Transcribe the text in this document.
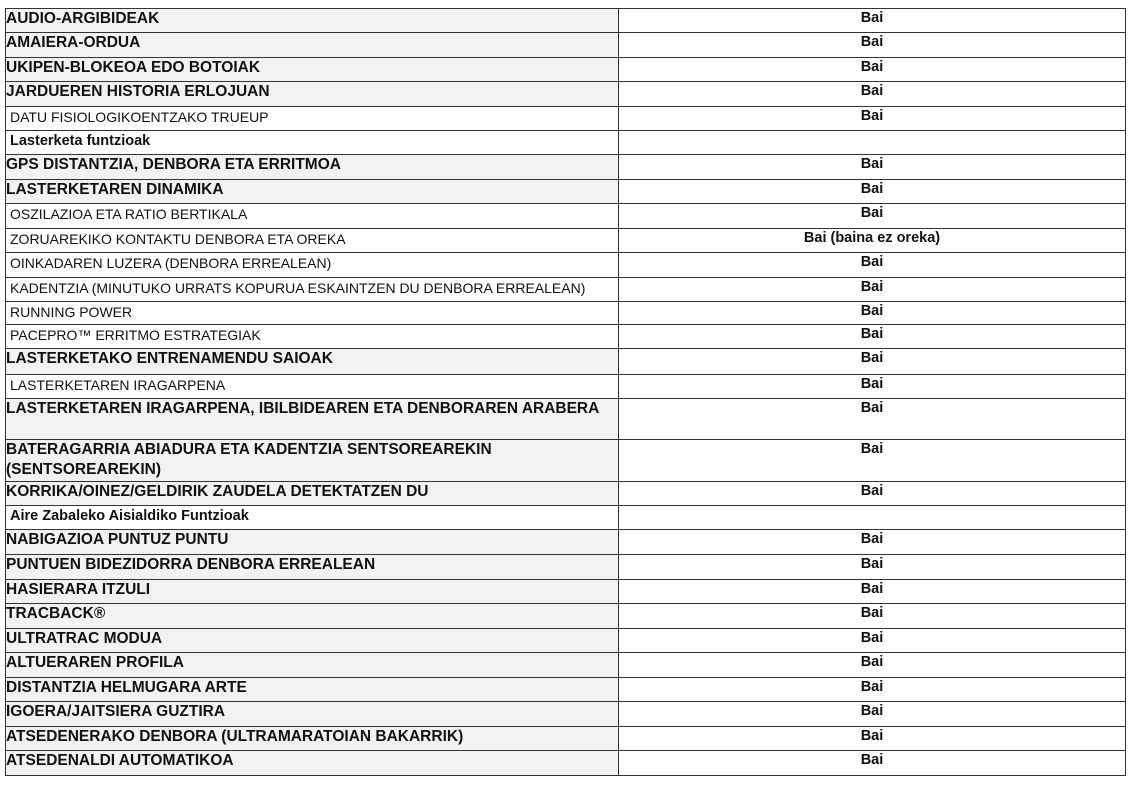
AUDIO-ARGIBIDEAK	Bai
AMAIERA-ORDUA	Bai
UKIPEN-BLOKEOA EDO BOTOIAK	Bai
JARDUEREN HISTORIA ERLOJUAN	Bai
DATU FISIOLOGIKOENTZAKO TRUEUP	Bai
Lasterketa funtzioak	
GPS DISTANTZIA, DENBORA ETA ERRITMOA	Bai
LASTERKETAREN DINAMIKA	Bai
OSZILAZIOA ETA RATIO BERTIKALA	Bai
ZORUAREKIKO KONTAKTU DENBORA ETA OREKA	Bai (baina ez oreka)
OINKADAREN LUZERA (DENBORA ERREALEAN)	Bai
KADENTZIA (MINUTUKO URRATS KOPURUA ESKAINTZEN DU DENBORA ERREALEAN)	Bai
RUNNING POWER	Bai
PACEPRO™ ERRITMO ESTRATEGIAK	Bai
LASTERKETAKO ENTRENAMENDU SAIOAK	Bai
LASTERKETAREN IRAGARPENA	Bai
LASTERKETAREN IRAGARPENA, IBILBIDEAREN ETA DENBORAREN ARABERA	Bai
BATERAGARRIA ABIADURA ETA KADENTZIA SENTSOREAREKIN (SENTSOREAREKIN)	Bai
KORRIKA/OINEZ/GELDIRIK ZAUDELA DETEKTATZEN DU	Bai
Aire Zabaleko Aisialdiko Funtzioak	
NABIGAZIOA PUNTUZ PUNTU	Bai
PUNTUEN BIDEZIDORRA DENBORA ERREALEAN	Bai
HASIERARA ITZULI	Bai
TRACBACK®	Bai
ULTRATRAC MODUA	Bai
ALTUERAREN PROFILA	Bai
DISTANTZIA HELMUGARA ARTE	Bai
IGOERA/JAITSIERA GUZTIRA	Bai
ATSEDENERAKO DENBORA (ULTRAMARATOIAN BAKARRIK)	Bai
ATSEDENALDI AUTOMATIKOA	Bai
